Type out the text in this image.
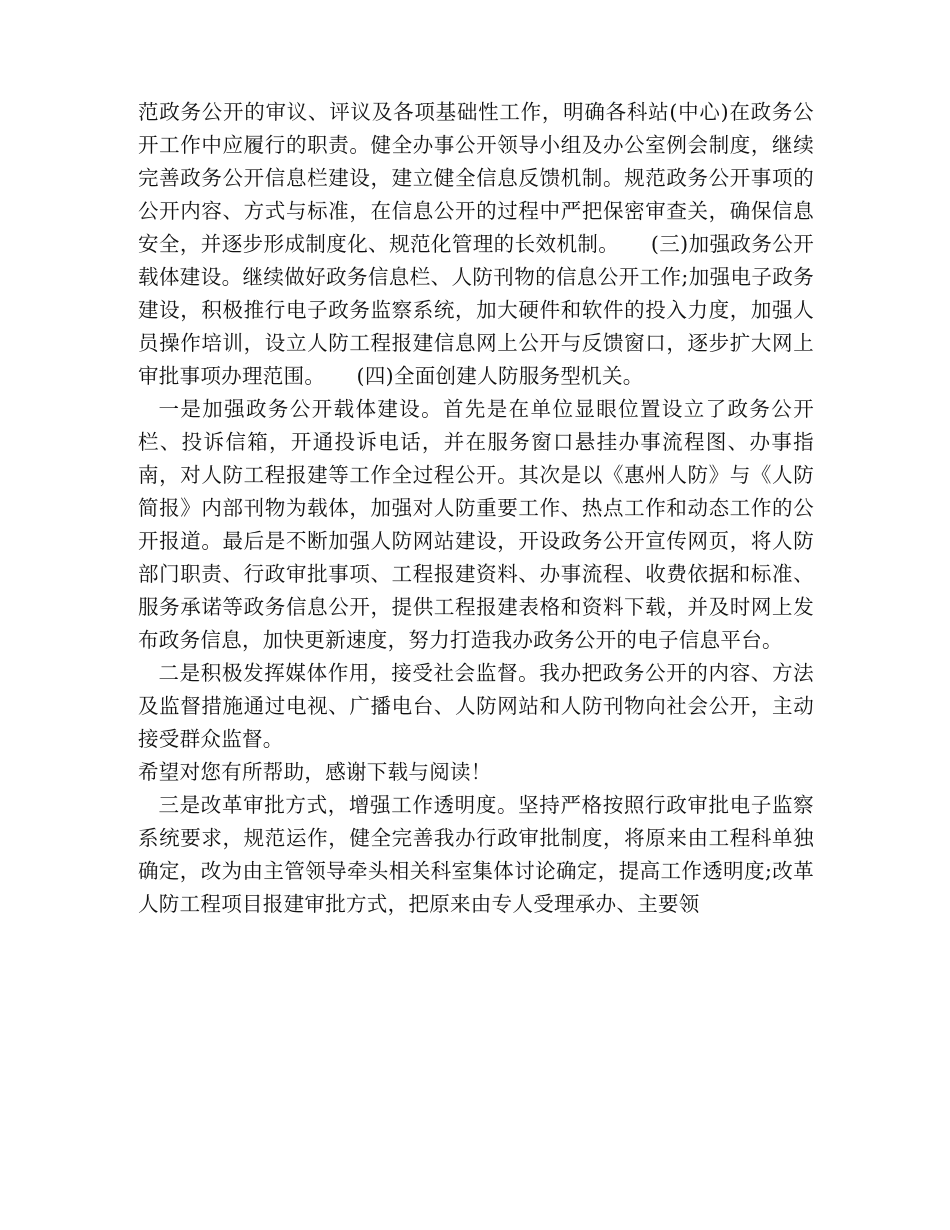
范政务公开的审议、评议及各项基础性工作，明确各科站(中心)在政务公开工作中应履行的职责。健全办事公开领导小组及办公室例会制度，继续完善政务公开信息栏建设，建立健全信息反馈机制。规范政务公开事项的公开内容、方式与标准，在信息公开的过程中严把保密审查关，确保信息安全，并逐步形成制度化、规范化管理的长效机制。　　(三)加强政务公开载体建设。继续做好政务信息栏、人防刊物的信息公开工作;加强电子政务建设，积极推行电子政务监察系统，加大硬件和软件的投入力度，加强人员操作培训，设立人防工程报建信息网上公开与反馈窗口，逐步扩大网上审批事项办理范围。　　(四)全面创建人防服务型机关。

一是加强政务公开载体建设。首先是在单位显眼位置设立了政务公开栏、投诉信箱，开通投诉电话，并在服务窗口悬挂办事流程图、办事指南，对人防工程报建等工作全过程公开。其次是以《惠州人防》与《人防简报》内部刊物为载体，加强对人防重要工作、热点工作和动态工作的公开报道。最后是不断加强人防网站建设，开设政务公开宣传网页，将人防部门职责、行政审批事项、工程报建资料、办事流程、收费依据和标准、服务承诺等政务信息公开，提供工程报建表格和资料下载，并及时网上发布政务信息，加快更新速度，努力打造我办政务公开的电子信息平台。

二是积极发挥媒体作用，接受社会监督。我办把政务公开的内容、方法及监督措施通过电视、广播电台、人防网站和人防刊物向社会公开，主动接受群众监督。

希望对您有所帮助，感谢下载与阅读！

三是改革审批方式，增强工作透明度。坚持严格按照行政审批电子监察系统要求，规范运作，健全完善我办行政审批制度，将原来由工程科单独确定，改为由主管领导牵头相关科室集体讨论确定，提高工作透明度;改革人防工程项目报建审批方式，把原来由专人受理承办、主要领
